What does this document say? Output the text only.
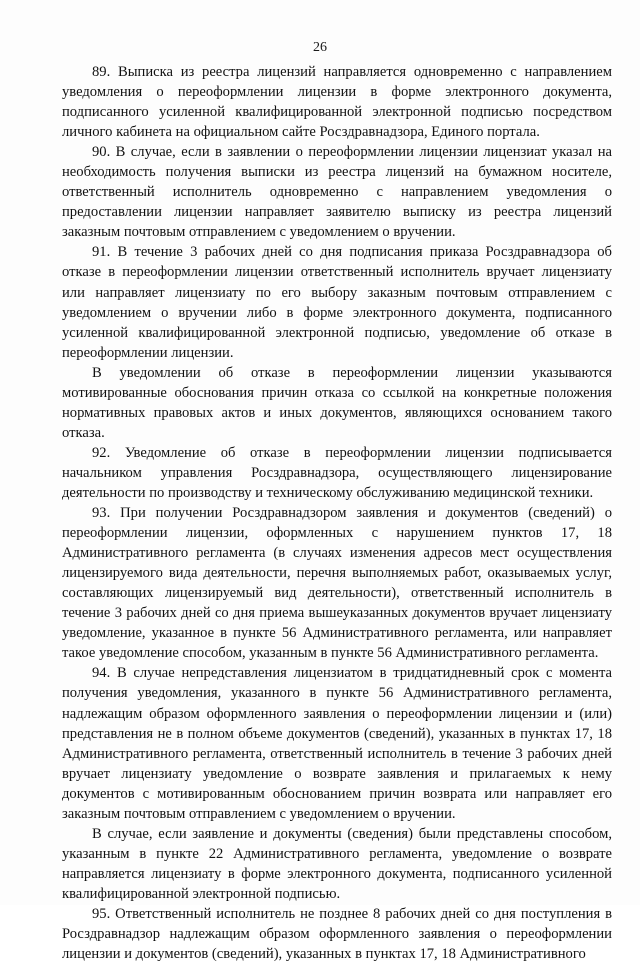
26

89. Выписка из реестра лицензий направляется одновременно с направлением уведомления о переоформлении лицензии в форме электронного документа, подписанного усиленной квалифицированной электронной подписью посредством личного кабинета на официальном сайте Росздравнадзора, Единого портала.

90. В случае, если в заявлении о переоформлении лицензии лицензиат указал на необходимость получения выписки из реестра лицензий на бумажном носителе, ответственный исполнитель одновременно с направлением уведомления о предоставлении лицензии направляет заявителю выписку из реестра лицензий заказным почтовым отправлением с уведомлением о вручении.

91. В течение 3 рабочих дней со дня подписания приказа Росздравнадзора об отказе в переоформлении лицензии ответственный исполнитель вручает лицензиату или направляет лицензиату по его выбору заказным почтовым отправлением с уведомлением о вручении либо в форме электронного документа, подписанного усиленной квалифицированной электронной подписью, уведомление об отказе в переоформлении лицензии.

В уведомлении об отказе в переоформлении лицензии указываются мотивированные обоснования причин отказа со ссылкой на конкретные положения нормативных правовых актов и иных документов, являющихся основанием такого отказа.

92. Уведомление об отказе в переоформлении лицензии подписывается начальником управления Росздравнадзора, осуществляющего лицензирование деятельности по производству и техническому обслуживанию медицинской техники.

93. При получении Росздравнадзором заявления и документов (сведений) о переоформлении лицензии, оформленных с нарушением пунктов 17, 18 Административного регламента (в случаях изменения адресов мест осуществления лицензируемого вида деятельности, перечня выполняемых работ, оказываемых услуг, составляющих лицензируемый вид деятельности), ответственный исполнитель в течение 3 рабочих дней со дня приема вышеуказанных документов вручает лицензиату уведомление, указанное в пункте 56 Административного регламента, или направляет такое уведомление способом, указанным в пункте 56 Административного регламента.

94. В случае непредставления лицензиатом в тридцатидневный срок с момента получения уведомления, указанного в пункте 56 Административного регламента, надлежащим образом оформленного заявления о переоформлении лицензии и (или) представления не в полном объеме документов (сведений), указанных в пунктах 17, 18 Административного регламента, ответственный исполнитель в течение 3 рабочих дней вручает лицензиату уведомление о возврате заявления и прилагаемых к нему документов с мотивированным обоснованием причин возврата или направляет его заказным почтовым отправлением с уведомлением о вручении.

В случае, если заявление и документы (сведения) были представлены способом, указанным в пункте 22 Административного регламента, уведомление о возврате направляется лицензиату в форме электронного документа, подписанного усиленной квалифицированной электронной подписью.

95. Ответственный исполнитель не позднее 8 рабочих дней со дня поступления в Росздравнадзор надлежащим образом оформленного заявления о переоформлении лицензии и документов (сведений), указанных в пунктах 17, 18 Административного
